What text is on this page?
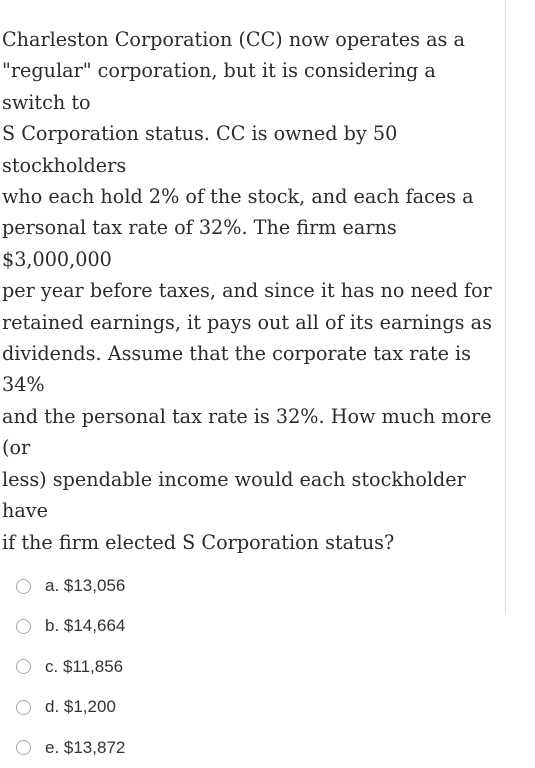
Charleston Corporation (CC) now operates as a
"regular" corporation, but it is considering a switch to
S Corporation status. CC is owned by 50 stockholders
who each hold 2% of the stock, and each faces a
personal tax rate of 32%. The firm earns $3,000,000
per year before taxes, and since it has no need for
retained earnings, it pays out all of its earnings as
dividends. Assume that the corporate tax rate is 34%
and the personal tax rate is 32%. How much more (or
less) spendable income would each stockholder have
if the firm elected S Corporation status?

a. $13,056
b. $14,664
c. $11,856
d. $1,200
e. $13,872
